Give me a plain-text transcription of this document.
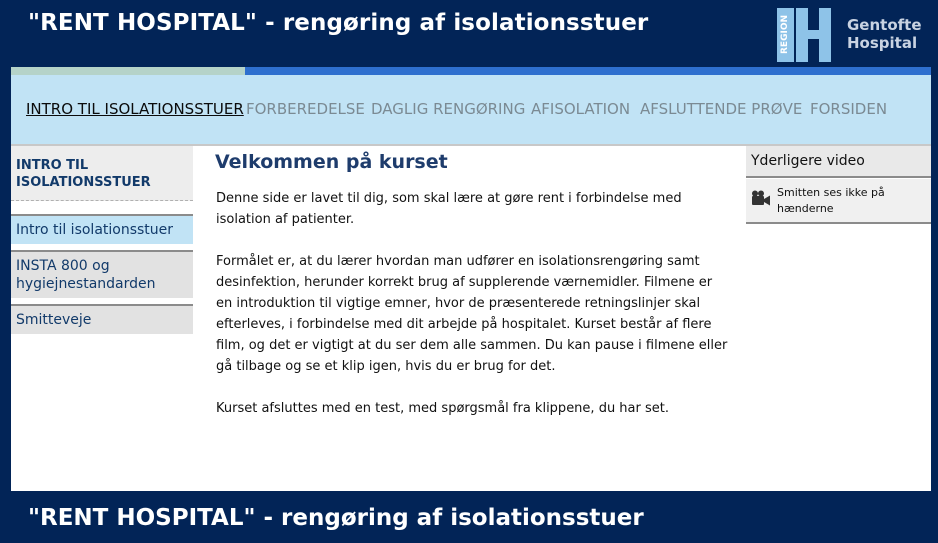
"RENT HOSPITAL" - rengøring af isolationsstuer	REGION	Gentofte
Hospital
INTRO TIL ISOLATIONSSTUER FORBEREDELSE DAGLIG RENGØRING AFISOLATION AFSLUTTENDE PRØVE FORSIDEN
INTRO TIL
ISOLATIONSSTUER
Intro til isolationsstuer
INSTA 800 og
hygiejnestandarden
Smitteveje
Velkommen på kurset

Denne side er lavet til dig, som skal lære at gøre rent i forbindelse med isolation af patienter.

Formålet er, at du lærer hvordan man udfører en isolationsrengøring samt desinfektion, herunder korrekt brug af supplerende værnemidler. Filmene er en introduktion til vigtige emner, hvor de præsenterede retningslinjer skal efterleves, i forbindelse med dit arbejde på hospitalet. Kurset består af flere film, og det er vigtigt at du ser dem alle sammen. Du kan pause i filmene eller gå tilbage og se et klip igen, hvis du er brug for det.

Kurset afsluttes med en test, med spørgsmål fra klippene, du har set.

Yderligere video
Smitten ses ikke på hænderne
"RENT HOSPITAL" - rengøring af isolationsstuer
